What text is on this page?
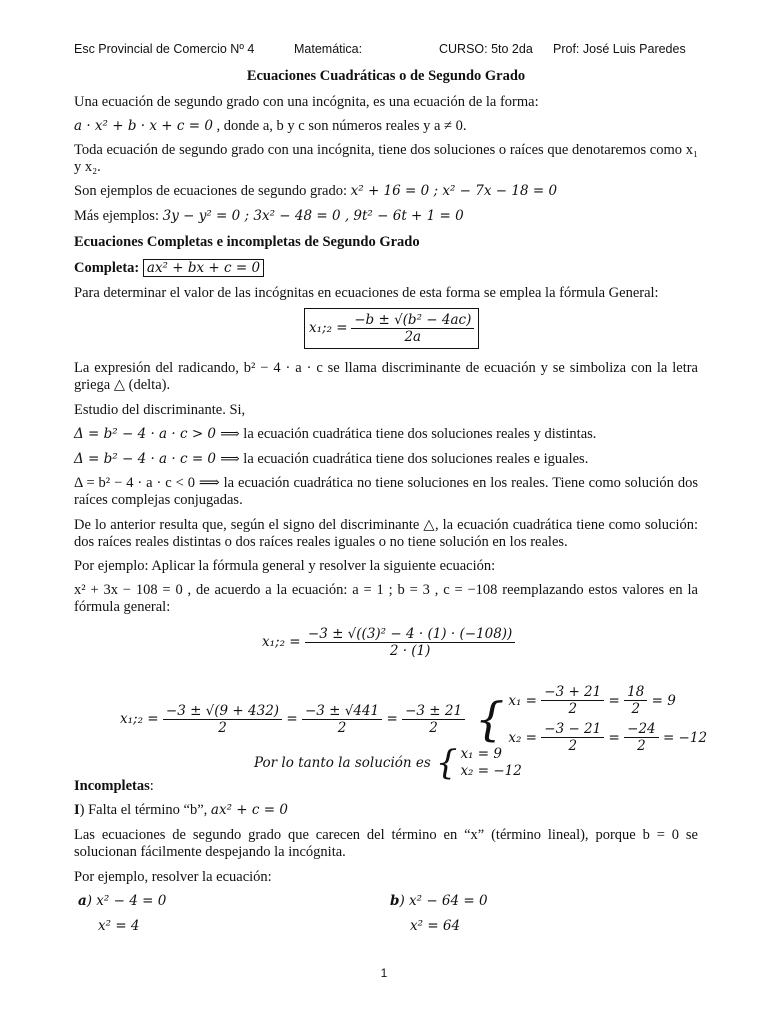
Esc Provincial de Comercio Nº 4	Matemática:	CURSO: 5to 2da Prof: José Luis Paredes
Ecuaciones Cuadráticas o de Segundo Grado
Una ecuación de segundo grado con una incógnita, es una ecuación de la forma:
a · x² + b · x + c = 0 , donde a, b y c son números reales y a ≠ 0.
Toda ecuación de segundo grado con una incógnita, tiene dos soluciones o raíces que denotaremos como x₁ y x₂.
Son ejemplos de ecuaciones de segundo grado: x² + 16 = 0 ; x² − 7x − 18 = 0
Más ejemplos: 3y − y² = 0 ; 3x² − 48 = 0 , 9t² − 6t + 1 = 0
Ecuaciones Completas e incompletas de Segundo Grado
Completa: ax² + bx + c = 0
Para determinar el valor de las incógnitas en ecuaciones de esta forma se emplea la fórmula General:
x₁;₂ = $\frac{\text{−b ± √(b² − 4ac)}}{2a}$
La expresión del radicando, b² − 4 · a · c se llama discriminante de ecuación y se simboliza con la letra griega △ (delta).
Estudio del discriminante. Si,
Δ = b² − 4 · a · c > 0 ⟹ la ecuación cuadrática tiene dos soluciones reales y distintas.
Δ = b² − 4 · a · c = 0 ⟹ la ecuación cuadrática tiene dos soluciones reales e iguales.
Δ = b² − 4 · a · c < 0 ⟹ la ecuación cuadrática no tiene soluciones en los reales. Tiene como solución dos raíces complejas conjugadas.
De lo anterior resulta que, según el signo del discriminante △, la ecuación cuadrática tiene como solución: dos raíces reales distintas o dos raíces reales iguales o no tiene solución en los reales.
Por ejemplo: Aplicar la fórmula general y resolver la siguiente ecuación:
x² + 3x − 108 = 0 , de acuerdo a la ecuación: a = 1 ; b = 3 , c = −108 reemplazando estos valores en la fórmula general:
x₁;₂ = $\frac{\text{−3 ± √((3)² − 4 · (1) · (−108))}}{2 \cdot (1)}$
x₁;₂ =
$\frac{-3 \pm √(9 + 432)}{2} = \frac{-3 \pm √441}{2} = \frac{-3 \pm 21}{2}$ { x₁ =
$\frac{-3 + 21}{2} = \frac{18}{2}$
= 9
x₂ =
$\frac{-3 - 21}{2} = \frac{-24}{2}$
= −12
Por lo tanto la solución es { x₁ = 9
x₂ = −12
Incompletas:
I) Falta el término “b”, ax² + c = 0
Las ecuaciones de segundo grado que carecen del término en “x” (término lineal), porque b = 0 se solucionan fácilmente despejando la incógnita.
Por ejemplo, resolver la ecuación:
a) x² − 4 = 0
x² = 4
b) x² − 64 = 0
x² = 64
1
